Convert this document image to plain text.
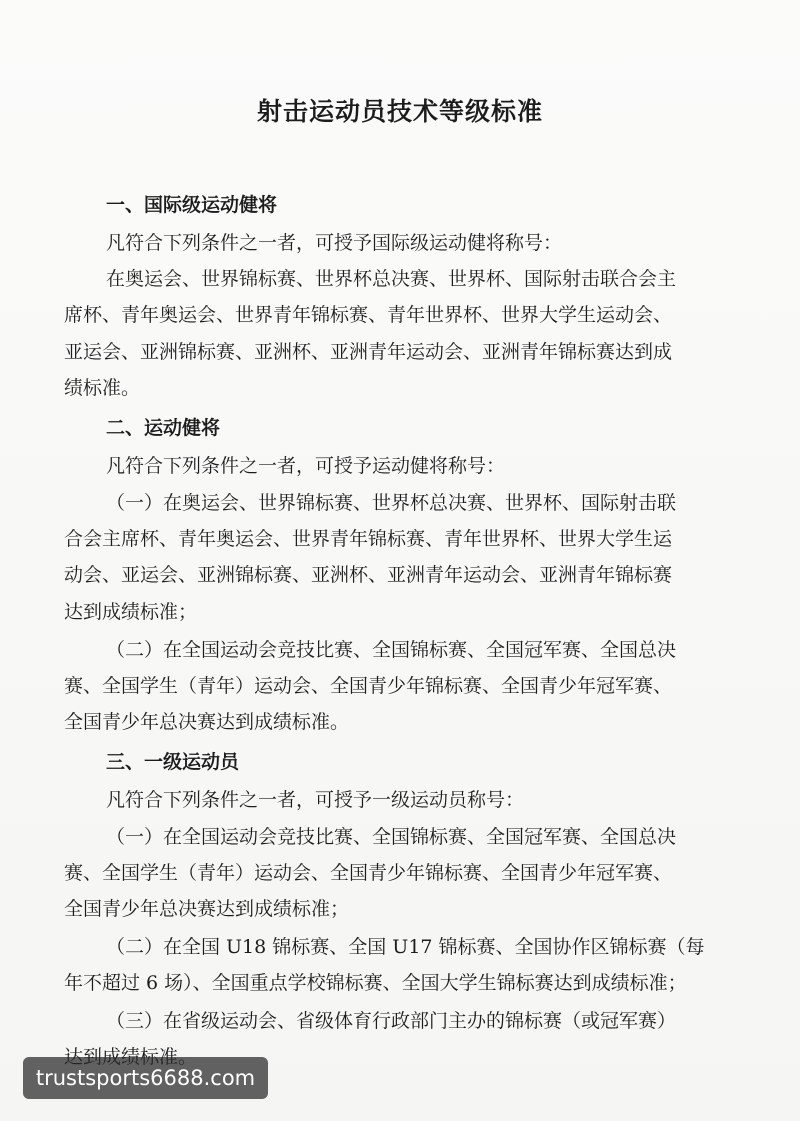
射击运动员技术等级标准
一、国际级运动健将
凡符合下列条件之一者，可授予国际级运动健将称号：
在奥运会、世界锦标赛、世界杯总决赛、世界杯、国际射击联合会主
席杯、青年奥运会、世界青年锦标赛、青年世界杯、世界大学生运动会、
亚运会、亚洲锦标赛、亚洲杯、亚洲青年运动会、亚洲青年锦标赛达到成
绩标准。
二、运动健将
凡符合下列条件之一者，可授予运动健将称号：
（一）在奥运会、世界锦标赛、世界杯总决赛、世界杯、国际射击联
合会主席杯、青年奥运会、世界青年锦标赛、青年世界杯、世界大学生运
动会、亚运会、亚洲锦标赛、亚洲杯、亚洲青年运动会、亚洲青年锦标赛
达到成绩标准；
（二）在全国运动会竞技比赛、全国锦标赛、全国冠军赛、全国总决
赛、全国学生（青年）运动会、全国青少年锦标赛、全国青少年冠军赛、
全国青少年总决赛达到成绩标准。
三、一级运动员
凡符合下列条件之一者，可授予一级运动员称号：
（一）在全国运动会竞技比赛、全国锦标赛、全国冠军赛、全国总决
赛、全国学生（青年）运动会、全国青少年锦标赛、全国青少年冠军赛、
全国青少年总决赛达到成绩标准；
（二）在全国 U18 锦标赛、全国 U17 锦标赛、全国协作区锦标赛（每
年不超过 6 场）、全国重点学校锦标赛、全国大学生锦标赛达到成绩标准；
（三）在省级运动会、省级体育行政部门主办的锦标赛（或冠军赛）
trustsports6688.com
